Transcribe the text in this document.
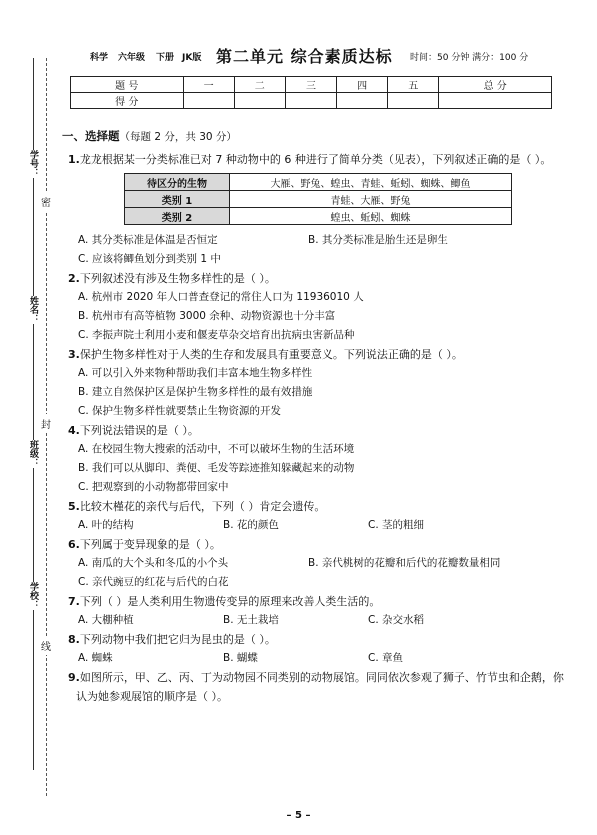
学号：
姓名：
班级：
学校：
密
封
线
科学 六年级 下册 JK版 第二单元 综合素质达标 时间：50 分钟 满分：100 分
题 号	一	二	三	四	五	总 分
得 分						
一、选择题（每题 2 分，共 30 分）
1.龙龙根据某一分类标准已对 7 种动物中的 6 种进行了简单分类（见表），下列叙述正确的是（ ）。
待区分的生物	大雁、野兔、蝗虫、青蛙、蚯蚓、蜘蛛、鲫鱼
类别 1	青蛙、大雁、野兔
类别 2	蝗虫、蚯蚓、蜘蛛
A. 其分类标准是体温是否恒定	B. 其分类标准是胎生还是卵生
C. 应该将鲫鱼划分到类别 1 中
2.下列叙述没有涉及生物多样性的是（ ）。
A. 杭州市 2020 年人口普查登记的常住人口为 11936010 人
B. 杭州市有高等植物 3000 余种、动物资源也十分丰富
C. 李振声院士利用小麦和偃麦草杂交培育出抗病虫害新品种
3.保护生物多样性对于人类的生存和发展具有重要意义。下列说法正确的是（ ）。
A. 可以引入外来物种帮助我们丰富本地生物多样性
B. 建立自然保护区是保护生物多样性的最有效措施
C. 保护生物多样性就要禁止生物资源的开发
4.下列说法错误的是（ ）。
A. 在校园生物大搜索的活动中，不可以破坏生物的生活环境
B. 我们可以从脚印、粪便、毛发等踪迹推知躲藏起来的动物
C. 把观察到的小动物都带回家中
5.比较木槿花的亲代与后代，下列（ ）肯定会遗传。
A. 叶的结构	B. 花的颜色	C. 茎的粗细
6.下列属于变异现象的是（ ）。
A. 南瓜的大个头和冬瓜的小个头	B. 亲代桃树的花瓣和后代的花瓣数量相同
C. 亲代豌豆的红花与后代的白花
7.下列（ ）是人类利用生物遗传变异的原理来改善人类生活的。
A. 大棚种植	B. 无土栽培	C. 杂交水稻
8.下列动物中我们把它归为昆虫的是（ ）。
A. 蜘蛛	B. 蝴蝶	C. 章鱼
9.如图所示，甲、乙、丙、丁为动物园不同类别的动物展馆。同同依次参观了狮子、竹节虫和企鹅，你认为她参观展馆的顺序是（ ）。
– 5 –
